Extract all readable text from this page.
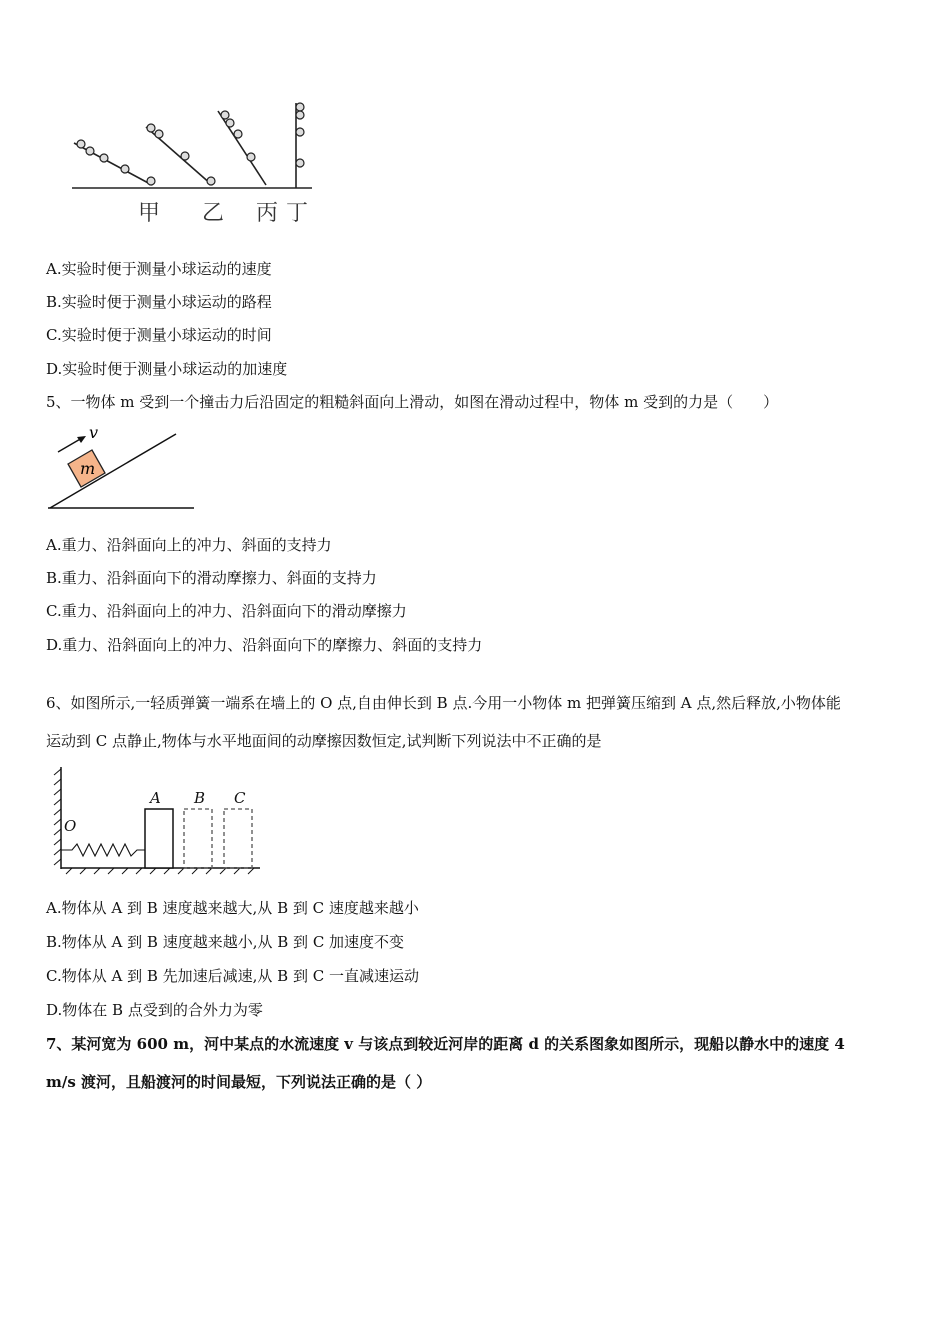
甲 乙 丙 丁
A.实验时便于测量小球运动的速度
B.实验时便于测量小球运动的路程
C.实验时便于测量小球运动的时间
D.实验时便于测量小球运动的加速度
5、一物体 m 受到一个撞击力后沿固定的粗糙斜面向上滑动，如图在滑动过程中，物体 m 受到的力是（　　）
v
m
A.重力、沿斜面向上的冲力、斜面的支持力
B.重力、沿斜面向下的滑动摩擦力、斜面的支持力
C.重力、沿斜面向上的冲力、沿斜面向下的滑动摩擦力
D.重力、沿斜面向上的冲力、沿斜面向下的摩擦力、斜面的支持力
6、如图所示,一轻质弹簧一端系在墙上的 O 点,自由伸长到 B 点.今用一小物体 m 把弹簧压缩到 A 点,然后释放,小物体能
运动到 C 点静止,物体与水平地面间的动摩擦因数恒定,试判断下列说法中不正确的是
O
A B C
A.物体从 A 到 B 速度越来越大,从 B 到 C 速度越来越小
B.物体从 A 到 B 速度越来越小,从 B 到 C 加速度不变
C.物体从 A 到 B 先加速后减速,从 B 到 C 一直减速运动
D.物体在 B 点受到的合外力为零
7、某河宽为 600 m，河中某点的水流速度 v 与该点到较近河岸的距离 d 的关系图象如图所示，现船以静水中的速度 4
m/s 渡河，且船渡河的时间最短，下列说法正确的是（ ）
